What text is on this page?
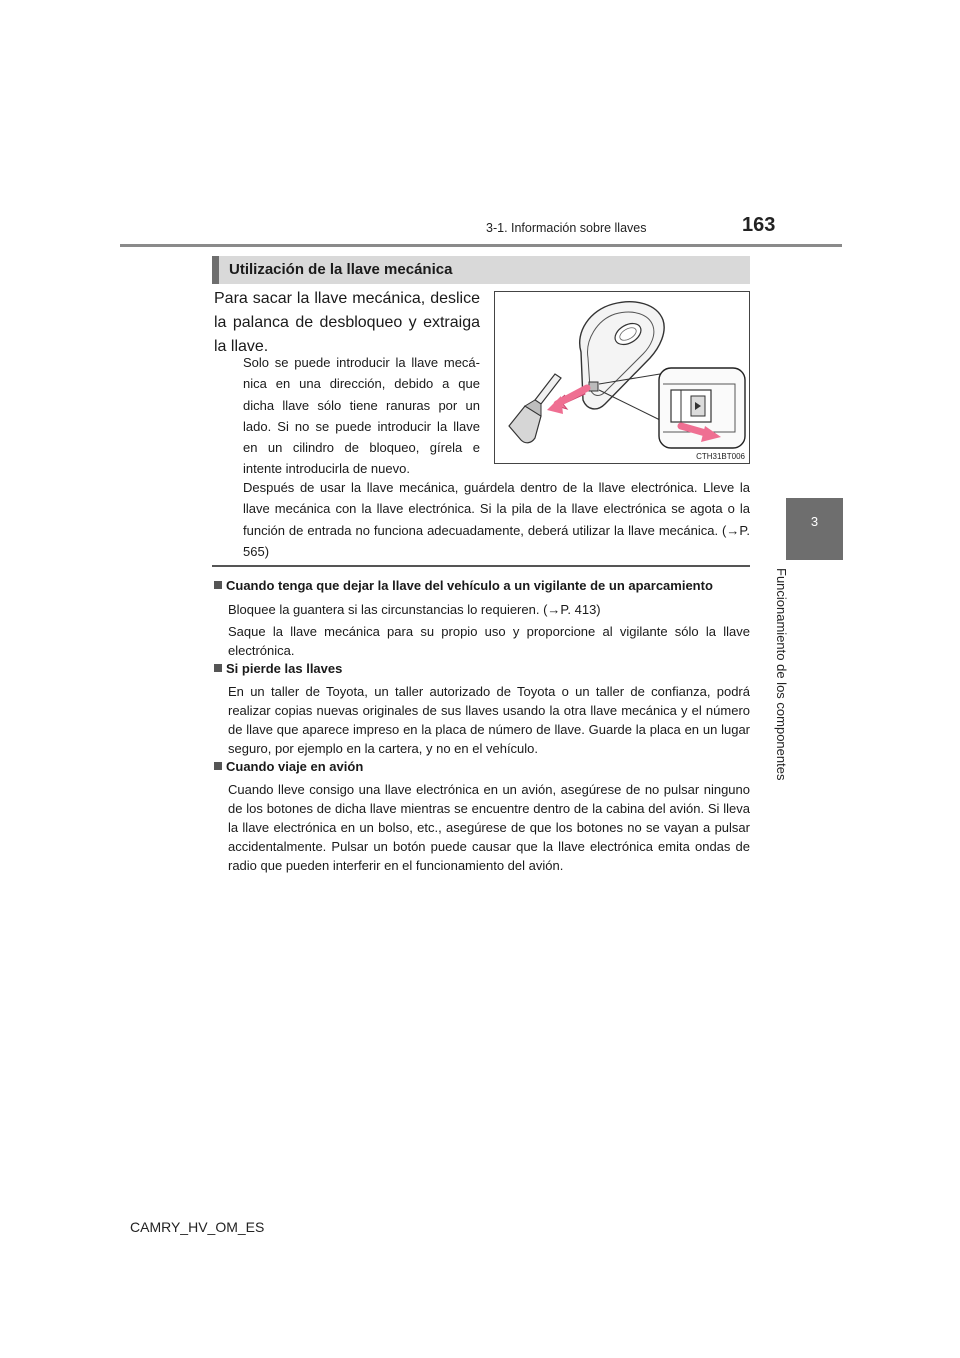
3-1. Información sobre llaves	163
3
Funcionamiento de los componentes
Utilización de la llave mecánica
Para sacar la llave mecánica, deslice la palanca de desbloqueo y extraiga la llave.
Solo se puede introducir la llave mecánica en una dirección, debido a que dicha llave sólo tiene ranuras por un lado. Si no se puede introducir la llave en un cilindro de bloqueo, gírela e intente introducirla de nuevo.
CTH31BT006
Después de usar la llave mecánica, guárdela dentro de la llave electrónica. Lleve la llave mecánica con la llave electrónica. Si la pila de la llave electrónica se agota o la función de entrada no funciona adecuadamente, deberá utilizar la llave mecánica. (→P. 565)
Cuando tenga que dejar la llave del vehículo a un vigilante de un aparcamiento
Bloquee la guantera si las circunstancias lo requieren. (→P. 413)
Saque la llave mecánica para su propio uso y proporcione al vigilante sólo la llave electrónica.
Si pierde las llaves
En un taller de Toyota, un taller autorizado de Toyota o un taller de confianza, podrá realizar copias nuevas originales de sus llaves usando la otra llave mecánica y el número de llave que aparece impreso en la placa de número de llave. Guarde la placa en un lugar seguro, por ejemplo en la cartera, y no en el vehículo.
Cuando viaje en avión
Cuando lleve consigo una llave electrónica en un avión, asegúrese de no pulsar ninguno de los botones de dicha llave mientras se encuentre dentro de la cabina del avión. Si lleva la llave electrónica en un bolso, etc., asegúrese de que los botones no se vayan a pulsar accidentalmente. Pulsar un botón puede causar que la llave electrónica emita ondas de radio que pueden interferir en el funcionamiento del avión.
CAMRY_HV_OM_ES
